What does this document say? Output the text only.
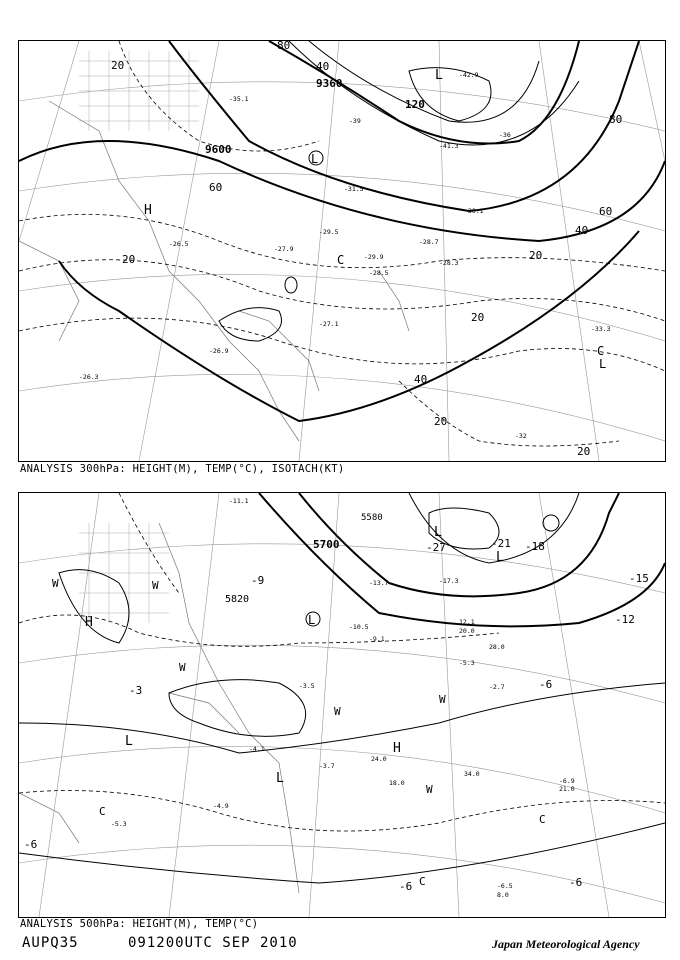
9360
9600
20
20	20
20
20
20
40
40
40
60
60
80
80
120
L
L
H
C
C
L
-42.9
-41.3
-39
-36
-35.1
-31.5
-30.1
-29.9
-29.5
-28.7
-28.5
-28.3
-27.9
-27.1
-26.9
-26.5
-26.3
-33.3
-32
ANALYSIS 300hPa: HEIGHT(M), TEMP(°C), ISOTACH(KT)
5580
5700
5820
-3	-6
-6
-6	-6
-9
-12
-15
-18
-21
-27
L
L
L
H
H
L
L
C
C
C
W	W
W
W
W
W
-11.1
-13.7	-17.3
-10.5
-9.1
-5.3
-2.7
-3.5
-4.1
-3.7
-4.9
-5.3
-6.9
-6.5
12.1
20.0
28.0
34.0
24.0
21.0
18.0
8.0
ANALYSIS 500hPa: HEIGHT(M), TEMP(°C)
AUPQ35	091200UTC SEP 2010	Japan Meteorological Agency
